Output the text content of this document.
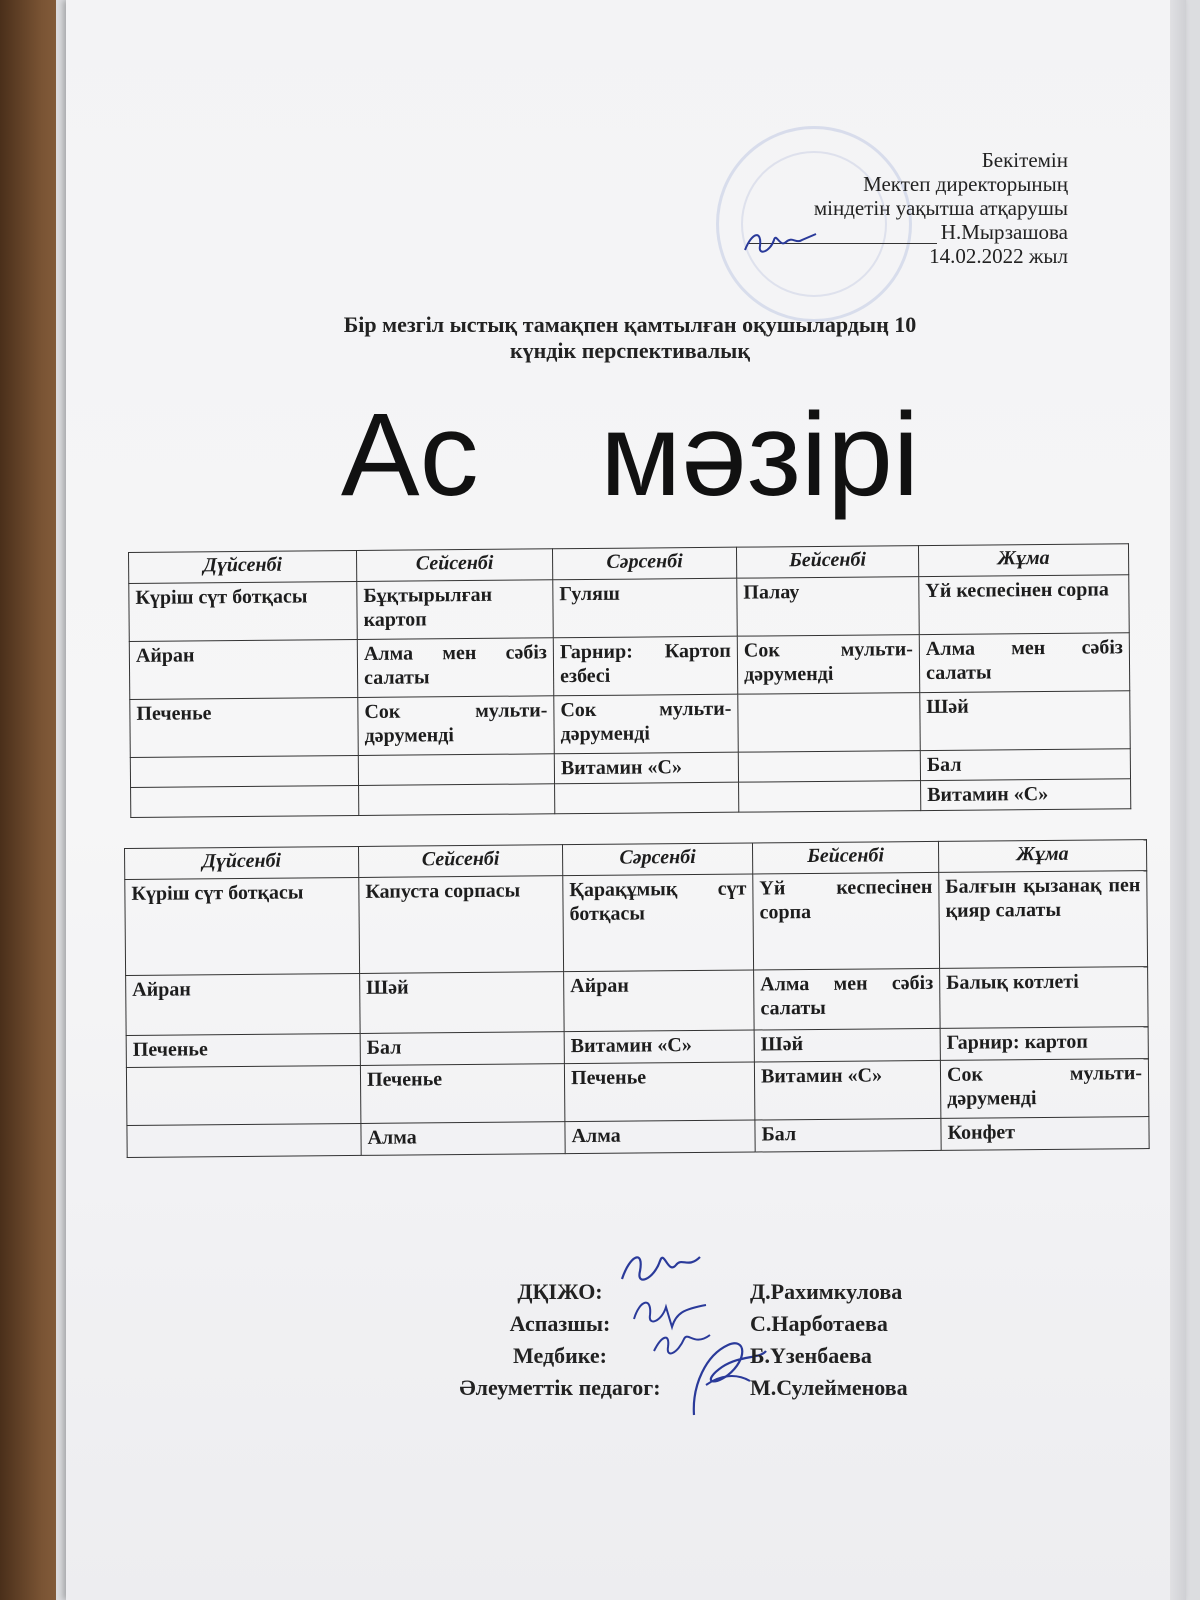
Бекітемін
Мектеп директорының
міндетін уақытша атқарушы
Н.Мырзашова
14.02.2022 жыл
Бір мезгіл ыстық тамақпен қамтылған оқушылардың 10
күндік перспективалық
Ас  мәзірі
Дүйсенбі	Сейсенбі	Сәрсенбі	Бейсенбі	Жұма
Күріш сүт ботқасы	Бұқтырылған картоп	Гуляш	Палау	Үй кеспесінен сорпа
Айран	Алма мен сәбіз салаты	Гарнир: Картоп езбесі	Сок мульти-дәруменді	Алма мен сәбіз салаты
Печенье	Сок мульти-дәруменді	Сок мульти-дәруменді		Шәй
		Витамин «С»		Бал
				Витамин «С»
Дүйсенбі	Сейсенбі	Сәрсенбі	Бейсенбі	Жұма
Күріш сүт ботқасы	Капуста сорпасы	Қарақұмық сүт ботқасы	Үй кеспесінен сорпа	Балғын қызанақ пен қияр салаты
Айран	Шәй	Айран	Алма мен сәбіз салаты	Балық котлеті
Печенье	Бал	Витамин «С»	Шәй	Гарнир: картоп
	Печенье	Печенье	Витамин «С»	Сок мульти-дәруменді
	Алма	Алма	Бал	Конфет
ДҚІЖО:	Д.Рахимкулова
Аспазшы:	С.Нарботаева
Медбике:	Б.Үзенбаева
Әлеуметтік педагог:	М.Сулейменова
